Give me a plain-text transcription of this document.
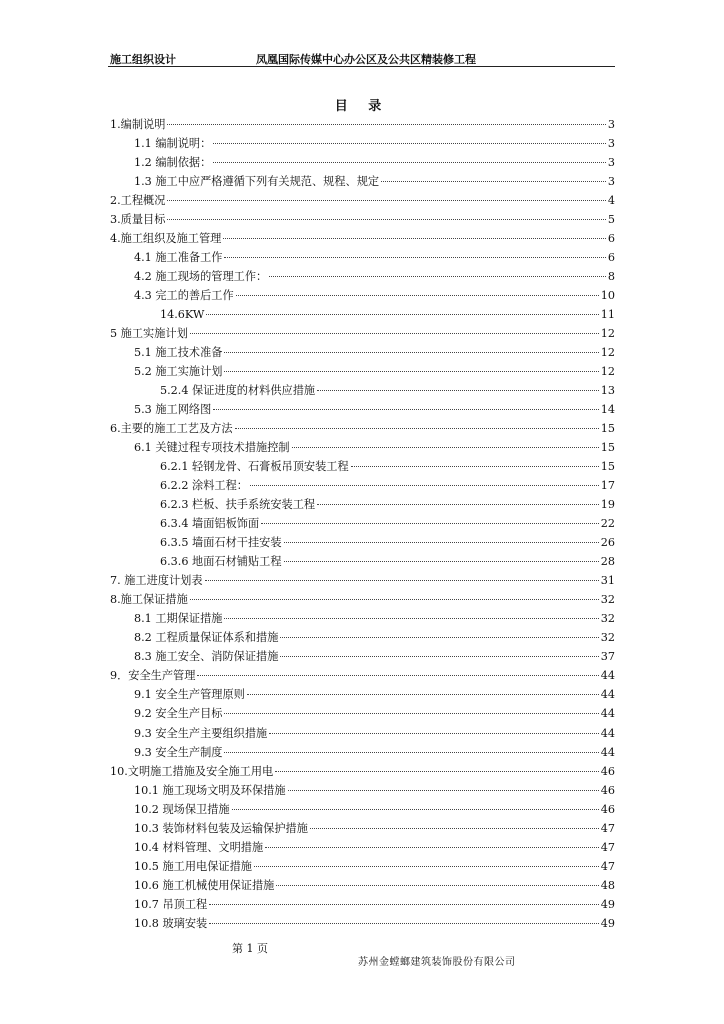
施工组织设计	凤凰国际传媒中心办公区及公共区精装修工程
目 录
1.编制说明	3
1.1 编制说明：	3
1.2 编制依据：	3
1.3 施工中应严格遵循下列有关规范、规程、规定	3
2.工程概况	4
3.质量目标	5
4.施工组织及施工管理	6
4.1 施工准备工作	6
4.2 施工现场的管理工作：	8
4.3 完工的善后工作	10
14.6KW	11
5 施工实施计划	12
5.1 施工技术准备	12
5.2 施工实施计划	12
5.2.4 保证进度的材料供应措施	13
5.3 施工网络图	14
6.主要的施工工艺及方法	15
6.1 关键过程专项技术措施控制	15
6.2.1 轻钢龙骨、石膏板吊顶安装工程	15
6.2.2 涂料工程：	17
6.2.3 栏板、扶手系统安装工程	19
6.3.4 墙面铝板饰面	22
6.3.5 墙面石材干挂安装	26
6.3.6 地面石材铺贴工程	28
7. 施工进度计划表	31
8.施工保证措施	32
8.1 工期保证措施	32
8.2 工程质量保证体系和措施	32
8.3 施工安全、消防保证措施	37
9．安全生产管理	44
9.1 安全生产管理原则	44
9.2 安全生产目标	44
9.3 安全生产主要组织措施	44
9.3 安全生产制度	44
10.文明施工措施及安全施工用电	46
10.1 施工现场文明及环保措施	46
10.2 现场保卫措施	46
10.3 装饰材料包装及运输保护措施	47
10.4 材料管理、文明措施	47
10.5 施工用电保证措施	47
10.6 施工机械使用保证措施	48
10.7 吊顶工程	49
10.8 玻璃安装	49
第 1 页
苏州金螳螂建筑装饰股份有限公司
